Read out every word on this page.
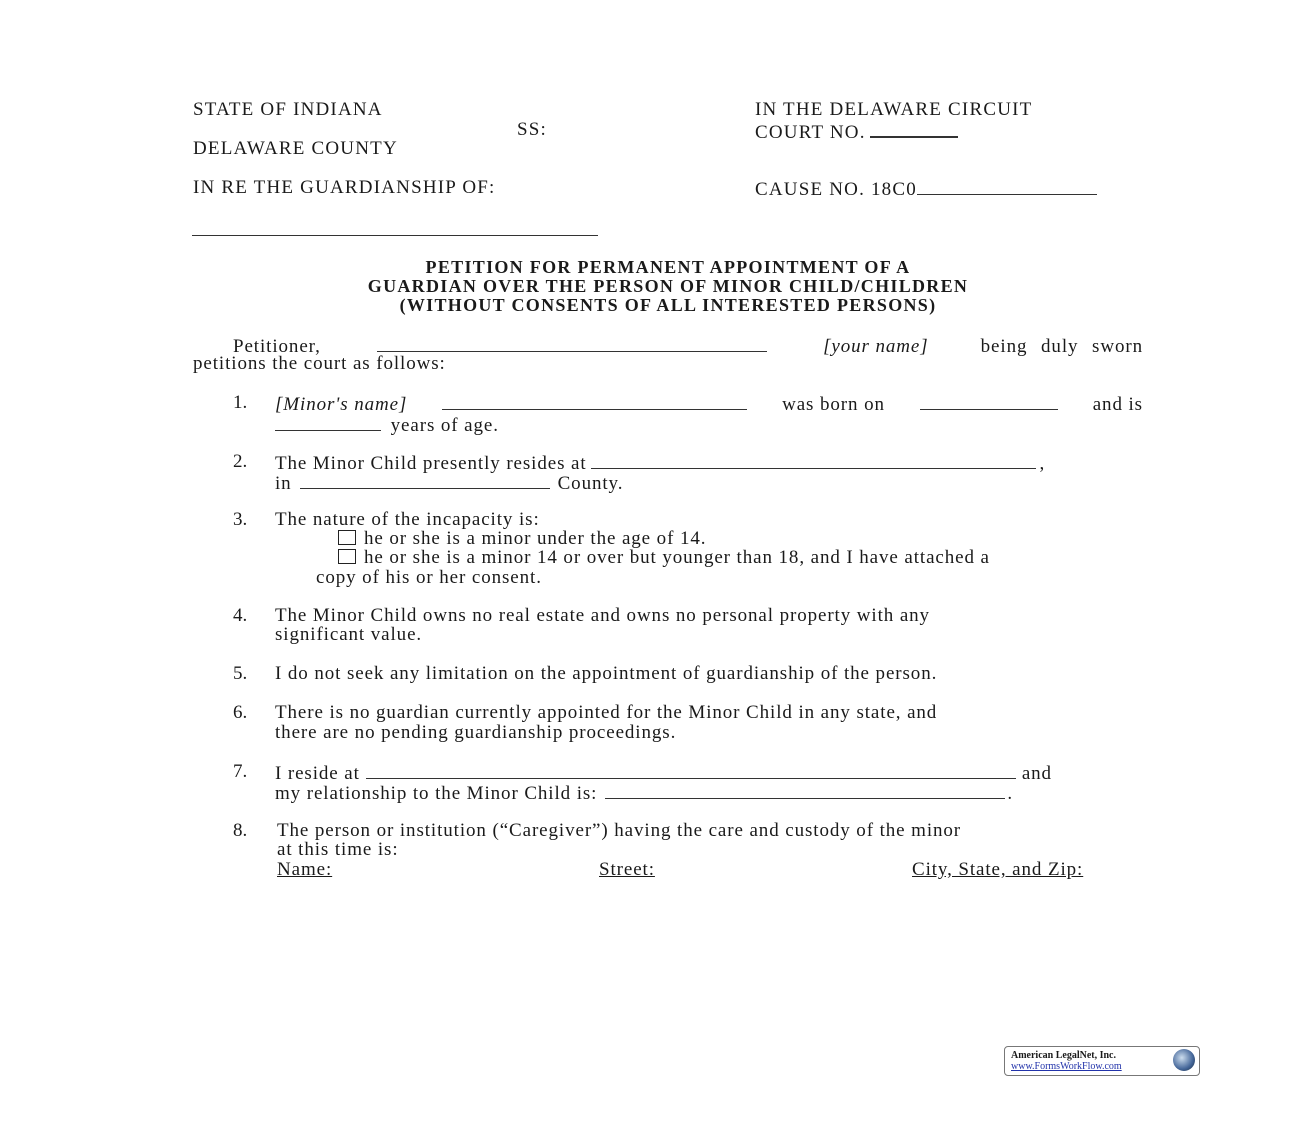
STATE OF INDIANA
SS:
DELAWARE COUNTY
IN RE THE GUARDIANSHIP OF:
IN THE DELAWARE CIRCUIT
COURT NO.
CAUSE NO. 18C0
PETITION FOR PERMANENT APPOINTMENT OF A
GUARDIAN OVER THE PERSON OF MINOR CHILD/CHILDREN
(WITHOUT CONSENTS OF ALL INTERESTED PERSONS)
Petitioner,	[your name]	being duly sworn
petitions the court as follows:
1. [Minor's name]	was born on	and is
years of age.
2. The Minor Child presently resides at	,
in	County.
3. The nature of the incapacity is:
he or she is a minor under the age of 14.
he or she is a minor 14 or over but younger than 18, and I have attached a
copy of his or her consent.
4. The Minor Child owns no real estate and owns no personal property with any
significant value.
5. I do not seek any limitation on the appointment of guardianship of the person.
6. There is no guardian currently appointed for the Minor Child in any state, and
there are no pending guardianship proceedings.
7. I reside at	and
my relationship to the Minor Child is:	.
8. The person or institution (“Caregiver”) having the care and custody of the minor
at this time is:
Name:	Street:	City, State, and Zip:
American LegalNet, Inc.
www.FormsWorkFlow.com
